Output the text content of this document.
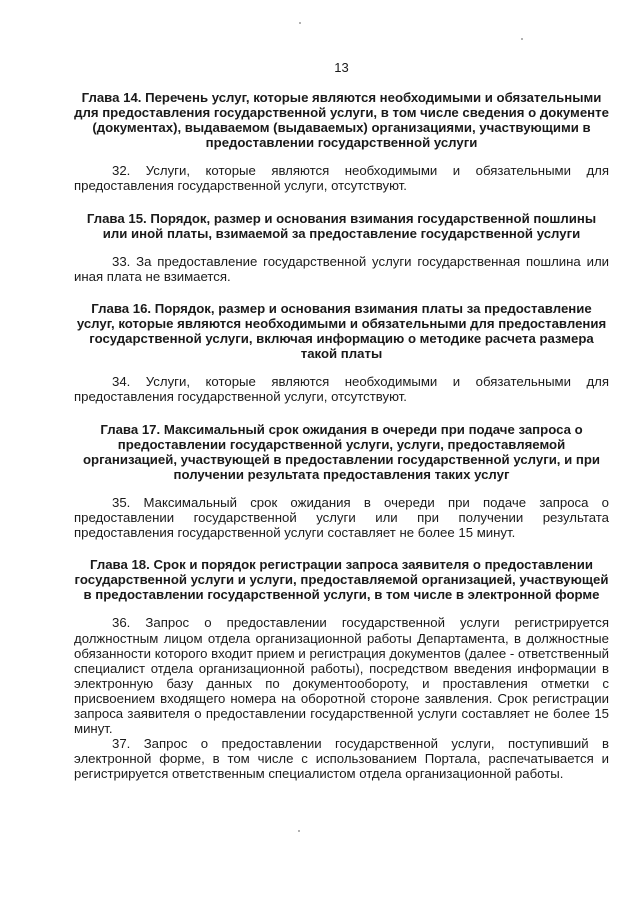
13
Глава 14. Перечень услуг, которые являются необходимыми и обязательными для предоставления государственной услуги, в том числе сведения о документе (документах), выдаваемом (выдаваемых) организациями, участвующими в предоставлении государственной услуги

32. Услуги, которые являются необходимыми и обязательными для предоставления государственной услуги, отсутствуют.

Глава 15. Порядок, размер и основания взимания государственной пошлины или иной платы, взимаемой за предоставление государственной услуги

33. За предоставление государственной услуги государственная пошлина или иная плата не взимается.

Глава 16. Порядок, размер и основания взимания платы за предоставление услуг, которые являются необходимыми и обязательными для предоставления государственной услуги, включая информацию о методике расчета размера такой платы

34. Услуги, которые являются необходимыми и обязательными для предоставления государственной услуги, отсутствуют.

Глава 17. Максимальный срок ожидания в очереди при подаче запроса о предоставлении государственной услуги, услуги, предоставляемой организацией, участвующей в предоставлении государственной услуги, и при получении результата предоставления таких услуг

35. Максимальный срок ожидания в очереди при подаче запроса о предоставлении государственной услуги или при получении результата предоставления государственной услуги составляет не более 15 минут.

Глава 18. Срок и порядок регистрации запроса заявителя о предоставлении государственной услуги и услуги, предоставляемой организацией, участвующей в предоставлении государственной услуги, в том числе в электронной форме

36. Запрос о предоставлении государственной услуги регистрируется должностным лицом отдела организационной работы Департамента, в должностные обязанности которого входит прием и регистрация документов (далее - ответственный специалист отдела организационной работы), посредством введения информации в электронную базу данных по документообороту, и проставления отметки с присвоением входящего номера на оборотной стороне заявления. Срок регистрации запроса заявителя о предоставлении государственной услуги составляет не более 15 минут.

37. Запрос о предоставлении государственной услуги, поступивший в электронной форме, в том числе с использованием Портала, распечатывается и регистрируется ответственным специалистом отдела организационной работы.
